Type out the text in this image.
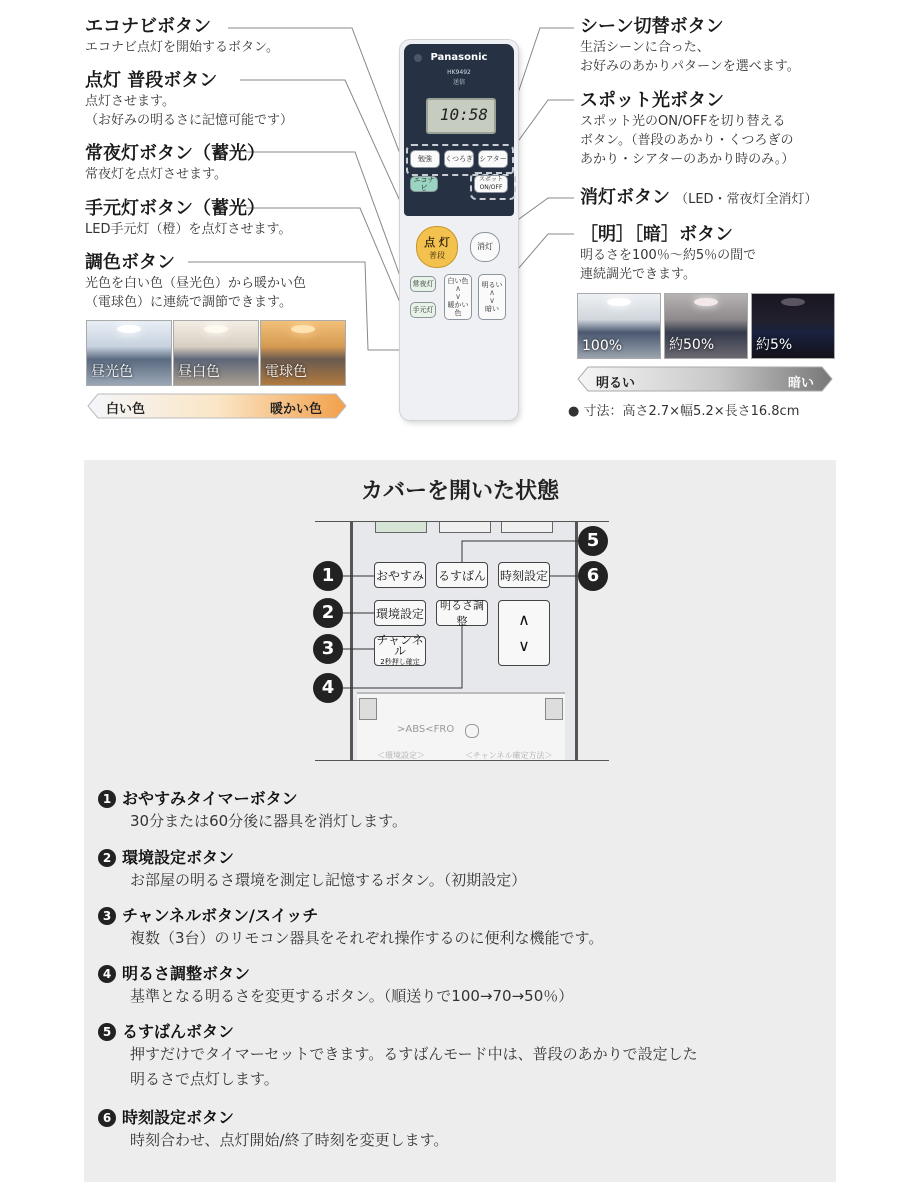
エコナビボタン
エコナビ点灯を開始するボタン。
点灯 普段ボタン
点灯させます。
（お好みの明るさに記憶可能です）
常夜灯ボタン（蓄光）
常夜灯を点灯させます。
手元灯ボタン（蓄光）
LED手元灯（橙）を点灯させます。
調色ボタン
光色を白い色（昼光色）から暖かい色
（電球色）に連続で調節できます。
昼光色	昼白色	電球色
白い色	暖かい色
Panasonic
HK9492
送信
10:58
勉強	くつろぎ シアター
エコナビ
スポット
ON/OFF
点 灯
普段
消灯
常夜灯
手元灯
白い色
∧
∨
暖かい色
明るい
∧
∨
暗い
シーン切替ボタン
生活シーンに合った、
お好みのあかりパターンを選べます。
スポット光ボタン
スポット光のON/OFFを切り替える
ボタン。（普段のあかり・くつろぎの
あかり・シアターのあかり時のみ。）
消灯ボタン （LED・常夜灯全消灯）
［明］［暗］ボタン
明るさを100％～約5％の間で
連続調光できます。
100%	約50%	約5%
明るい	暗い
● 寸法：高さ2.7×幅5.2×長さ16.8cm
カバーを開いた状態
>ABS<FRO
＜環境設定＞	＜チャンネル確定方法＞
おやすみ るすばん 時刻設定
環境設定
明るさ調整
チャンネル
2秒押し確定
∧
∨
1
2
3
4
5
6
1 おやすみタイマーボタン
30分または60分後に器具を消灯します。
2 環境設定ボタン
お部屋の明るさ環境を測定し記憶するボタン。（初期設定）
3 チャンネルボタン/スイッチ
複数（3台）のリモコン器具をそれぞれ操作するのに便利な機能です。
4 明るさ調整ボタン
基準となる明るさを変更するボタン。（順送りで100→70→50％）
5 るすばんボタン
押すだけでタイマーセットできます。るすばんモード中は、普段のあかりで設定した
明るさで点灯します。
6 時刻設定ボタン
時刻合わせ、点灯開始/終了時刻を変更します。
